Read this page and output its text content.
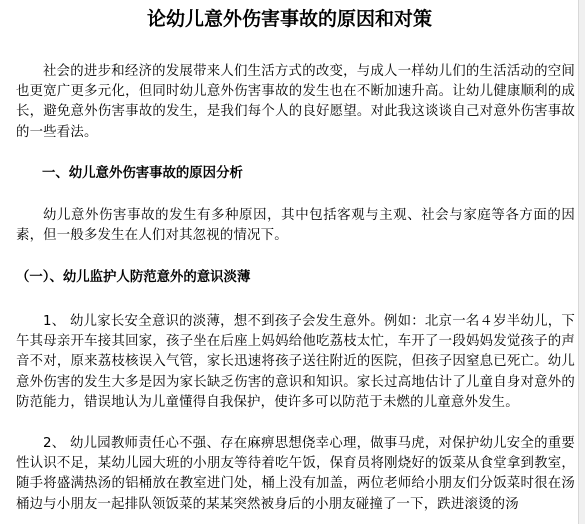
论幼儿意外伤害事故的原因和对策

社会的进步和经济的发展带来人们生活方式的改变，与成人一样幼儿们的生活活动的空间也更宽广更多元化，但同时幼儿意外伤害事故的发生也在不断加速升高。让幼儿健康顺利的成长，避免意外伤害事故的发生，是我们每个人的良好愿望。对此我这谈谈自己对意外伤害事故的一些看法。

一、幼儿意外伤害事故的原因分析

幼儿意外伤害事故的发生有多种原因，其中包括客观与主观、社会与家庭等各方面的因素，但一般多发生在人们对其忽视的情况下。

（一）、幼儿监护人防范意外的意识淡薄

1、 幼儿家长安全意识的淡薄，想不到孩子会发生意外。例如：北京一名４岁半幼儿，下午其母亲开车接其回家，孩子坐在后座上妈妈给他吃荔枝太忙，车开了一段妈妈发觉孩子的声音不对，原来荔枝核误入气管，家长迅速将孩子送往附近的医院，但孩子因窒息已死亡。幼儿意外伤害的发生大多是因为家长缺乏伤害的意识和知识。家长过高地估计了儿童自身对意外的防范能力，错误地认为儿童懂得自我保护，使许多可以防范于未燃的儿童意外发生。

2、 幼儿园教师责任心不强、存在麻痹思想侥幸心理，做事马虎，对保护幼儿安全的重要性认识不足，某幼儿园大班的小朋友等待着吃午饭，保育员将刚烧好的饭菜从食堂拿到教室，随手将盛满热汤的铝桶放在教室进门处，桶上没有加盖，两位老师给小朋友们分饭菜时很在汤桶边与小朋友一起排队领饭菜的某某突然被身后的小朋友碰撞了一下，跌进滚烫的汤
